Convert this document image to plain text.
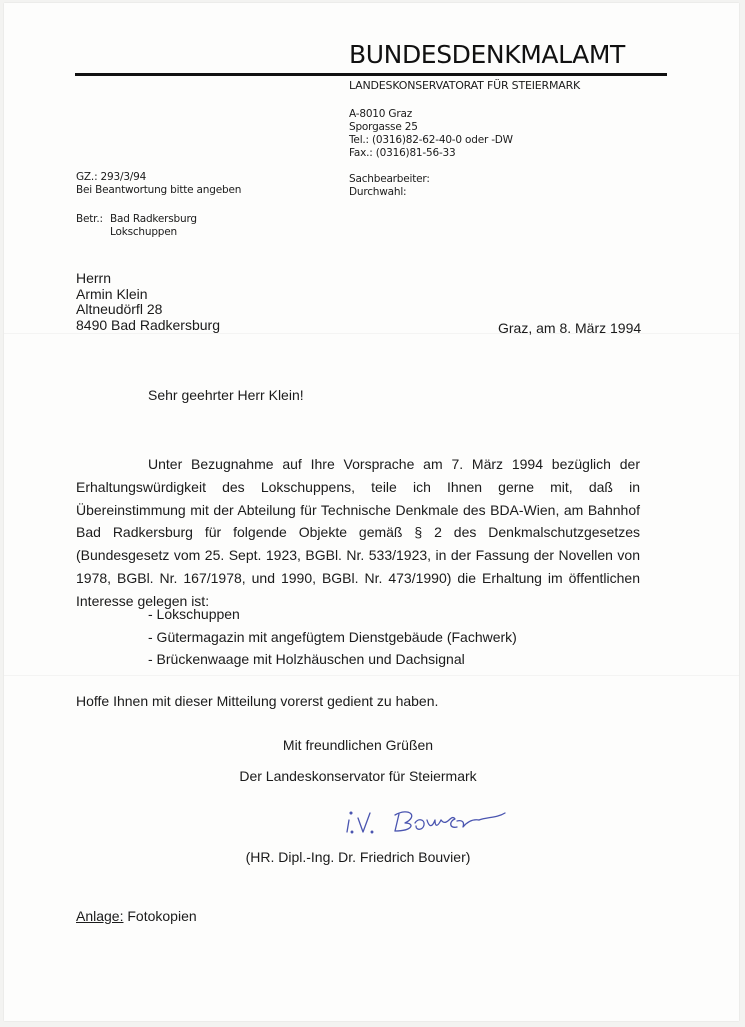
BUNDESDENKMALAMT
LANDESKONSERVATORAT FÜR STEIERMARK
A-8010 Graz
Sporgasse 25
Tel.: (0316)82-62-40-0 oder -DW
Fax.: (0316)81-56-33
Sachbearbeiter:
Durchwahl:
GZ.: 293/3/94
Bei Beantwortung bitte angeben
Betr.: Bad Radkersburg
Lokschuppen
Herrn
Armin Klein
Altneudörfl 28
8490 Bad Radkersburg	Graz, am 8. März 1994
Sehr geehrter Herr Klein!

Unter Bezugnahme auf Ihre Vorsprache am 7. März 1994 bezüglich der Erhaltungswürdigkeit des Lokschuppens, teile ich Ihnen gerne mit, daß in Übereinstimmung mit der Abteilung für Technische Denkmale des BDA-Wien, am Bahnhof Bad Radkersburg für folgende Objekte gemäß § 2 des Denkmalschutzgesetzes (Bundesgesetz vom 25. Sept. 1923, BGBl. Nr. 533/1923, in der Fassung der Novellen von 1978, BGBl. Nr. 167/1978, und 1990, BGBl. Nr. 473/1990) die Erhaltung im öffentlichen Interesse gelegen ist:

- Lokschuppen
- Gütermagazin mit angefügtem Dienstgebäude (Fachwerk)
- Brückenwaage mit Holzhäuschen und Dachsignal
Hoffe Ihnen mit dieser Mitteilung vorerst gedient zu haben.
Mit freundlichen Grüßen
Der Landeskonservator für Steiermark
(HR. Dipl.-Ing. Dr. Friedrich Bouvier)
Anlage: Fotokopien
